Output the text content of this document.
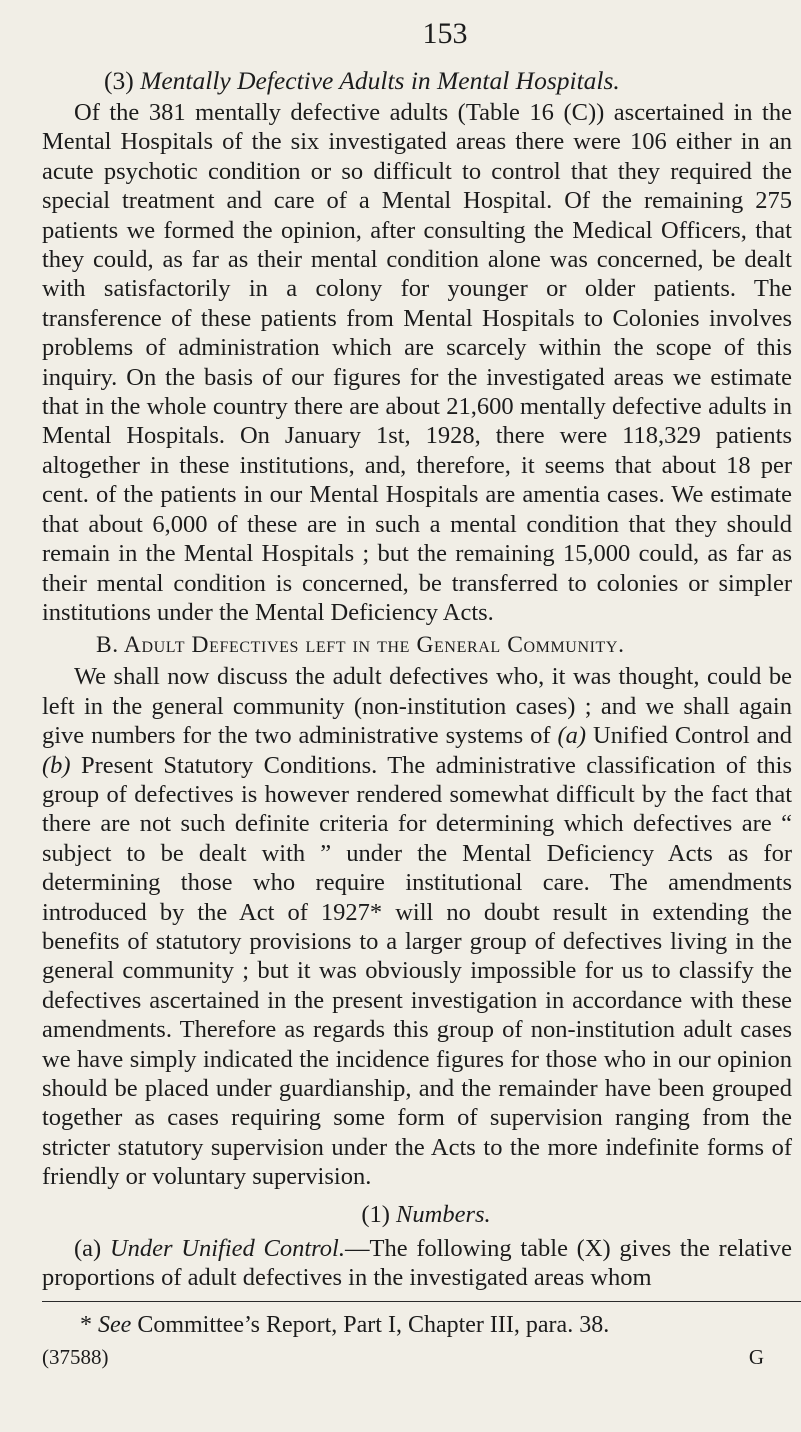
153
(3) Mentally Defective Adults in Mental Hospitals.

Of the 381 mentally defective adults (Table 16 (C)) ascertained in the Mental Hospitals of the six investigated areas there were 106 either in an acute psychotic condition or so difficult to control that they required the special treatment and care of a Mental Hospital. Of the remaining 275 patients we formed the opinion, after consulting the Medical Officers, that they could, as far as their mental condition alone was concerned, be dealt with satisfactorily in a colony for younger or older patients. The transference of these patients from Mental Hospitals to Colonies involves problems of administration which are scarcely within the scope of this inquiry. On the basis of our figures for the investigated areas we estimate that in the whole country there are about 21,600 mentally defective adults in Mental Hospitals. On January 1st, 1928, there were 118,329 patients altogether in these institutions, and, therefore, it seems that about 18 per cent. of the patients in our Mental Hospitals are amentia cases. We estimate that about 6,000 of these are in such a mental condition that they should remain in the Mental Hospitals ; but the remaining 15,000 could, as far as their mental condition is concerned, be transferred to colonies or simpler institutions under the Mental Deficiency Acts.

B. Adult Defectives left in the General Community.

We shall now discuss the adult defectives who, it was thought, could be left in the general community (non-institution cases) ; and we shall again give numbers for the two administrative systems of (a) Unified Control and (b) Present Statutory Conditions. The administrative classification of this group of defectives is however rendered somewhat difficult by the fact that there are not such definite criteria for determining which defectives are “ subject to be dealt with ” under the Mental Deficiency Acts as for determining those who require institutional care. The amendments introduced by the Act of 1927* will no doubt result in extending the benefits of statutory provisions to a larger group of defectives living in the general community ; but it was obviously impossible for us to classify the defectives ascertained in the present investigation in accordance with these amendments. Therefore as regards this group of non-institution adult cases we have simply indicated the incidence figures for those who in our opinion should be placed under guardianship, and the remainder have been grouped together as cases requiring some form of supervision ranging from the stricter statutory supervision under the Acts to the more indefinite forms of friendly or voluntary supervision.

(1) Numbers.

(a) Under Unified Control.—The following table (X) gives the relative proportions of adult defectives in the investigated areas whom

* See Committee’s Report, Part I, Chapter III, para. 38.
(37588)	G
